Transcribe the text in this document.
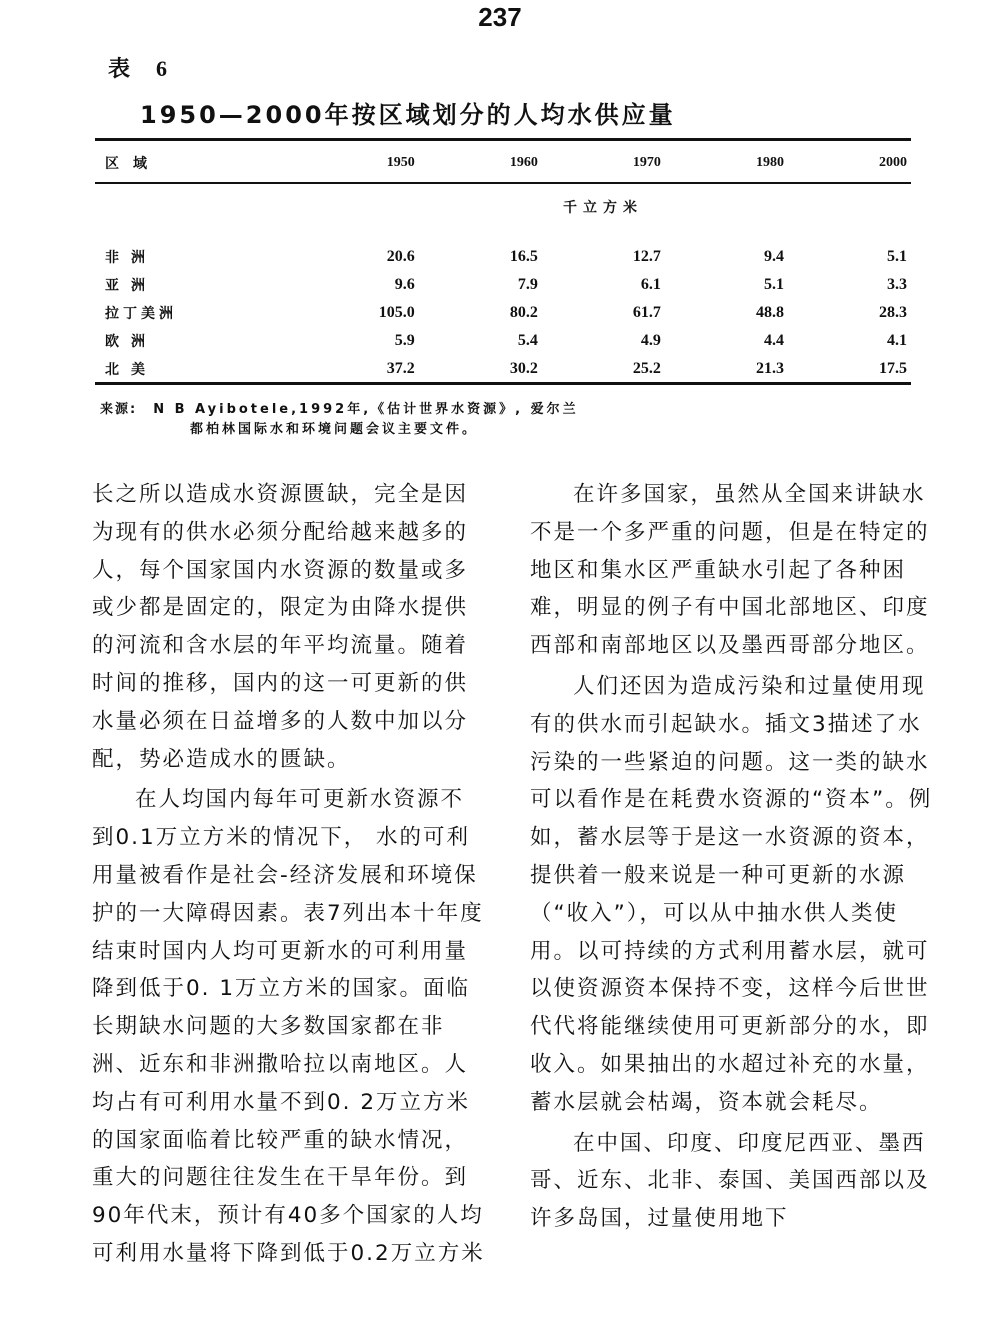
237
表 6
1950—2000年按区域划分的人均水供应量
区域	1950	1960	1970	1980	2000
千立方米					

非洲	20.6	16.5	12.7	9.4	5.1
亚洲	9.6	7.9	6.1	5.1	3.3
拉丁美洲	105.0	80.2	61.7	48.8	28.3
欧洲	5.9	5.4	4.9	4.4	4.1
北美	37.2	30.2	25.2	21.3	17.5
来源: N B Ayibotele,1992年,《估计世界水资源》, 爱尔兰
都柏林国际水和环境问题会议主要文件。

长之所以造成水资源匮缺，完全是因为现有的供水必须分配给越来越多的人，每个国家国内水资源的数量或多或少都是固定的，限定为由降水提供的河流和含水层的年平均流量。随着时间的推移，国内的这一可更新的供水量必须在日益增多的人数中加以分配，势必造成水的匮缺。

在人均国内每年可更新水资源不到0.1万立方米的情况下， 水的可利用量被看作是社会-经济发展和环境保护的一大障碍因素。表7列出本十年度结束时国内人均可更新水的可利用量降到低于0. 1万立方米的国家。面临长期缺水问题的大多数国家都在非洲、近东和非洲撒哈拉以南地区。人均占有可利用水量不到0. 2万立方米的国家面临着比较严重的缺水情况，重大的问题往往发生在干旱年份。到90年代末，预计有40多个国家的人均可利用水量将下降到低于0.2万立方米

在许多国家，虽然从全国来讲缺水不是一个多严重的问题，但是在特定的地区和集水区严重缺水引起了各种困难，明显的例子有中国北部地区、印度西部和南部地区以及墨西哥部分地区。

人们还因为造成污染和过量使用现有的供水而引起缺水。插文3描述了水污染的一些紧迫的问题。这一类的缺水可以看作是在耗费水资源的“资本”。例如，蓄水层等于是这一水资源的资本，提供着一般来说是一种可更新的水源（“收入”），可以从中抽水供人类使用。以可持续的方式利用蓄水层，就可以使资源资本保持不变，这样今后世世代代将能继续使用可更新部分的水，即收入。如果抽出的水超过补充的水量，蓄水层就会枯竭，资本就会耗尽。

在中国、印度、印度尼西亚、墨西哥、近东、北非、泰国、美国西部以及许多岛国，过量使用地下
